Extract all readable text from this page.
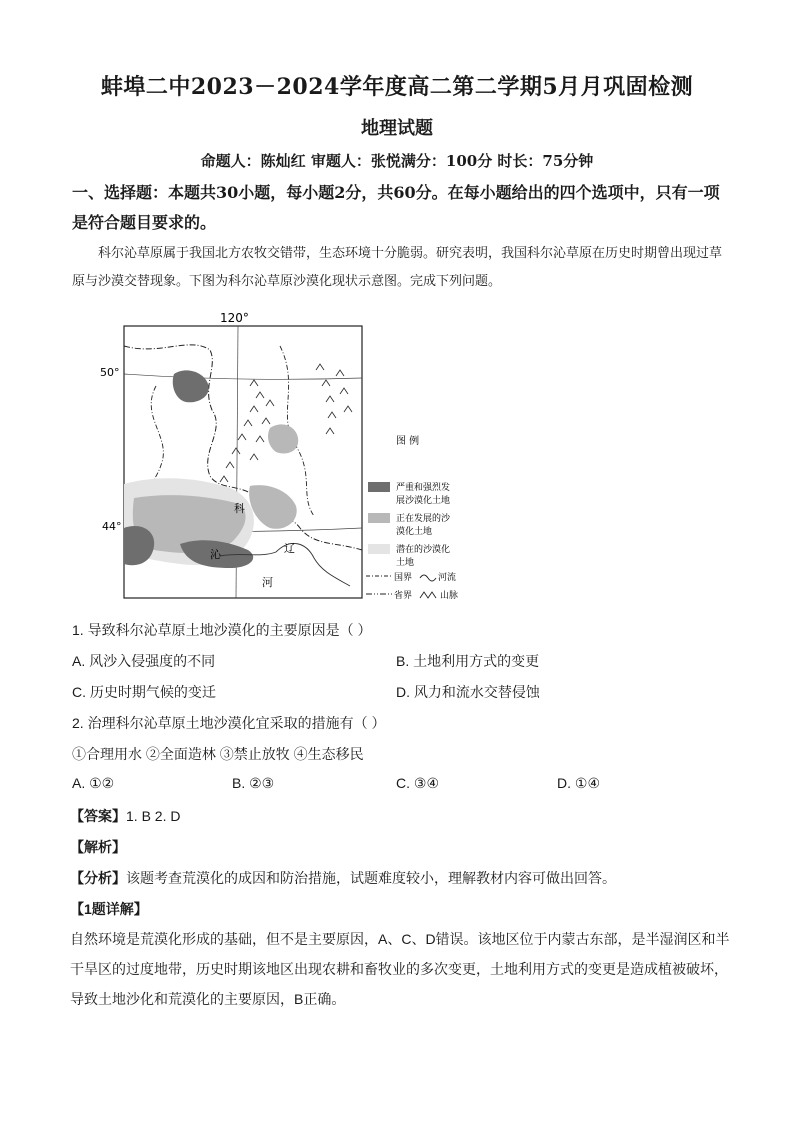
蚌埠二中2023－2024学年度高二第二学期5月月巩固检测
地理试题
命题人：陈灿红 审题人：张悦满分：100分 时长：75分钟
一、选择题：本题共30小题，每小题2分，共60分。在每小题给出的四个选项中，只有一项是符合题目要求的。
科尔沁草原属于我国北方农牧交错带，生态环境十分脆弱。研究表明，我国科尔沁草原在历史时期曾出现过草原与沙漠交替现象。下图为科尔沁草原沙漠化现状示意图。完成下列问题。
120°
50°
44°
科
沁	辽
河
图 例
严重和强烈发
展沙漠化土地
正在发展的沙
漠化土地
潜在的沙漠化
土地
国界	河流
省界	山脉
1. 导致科尔沁草原土地沙漠化的主要原因是（ ）
A. 风沙入侵强度的不同	B. 土地利用方式的变更
C. 历史时期气候的变迁	D. 风力和流水交替侵蚀
2. 治理科尔沁草原土地沙漠化宜采取的措施有（ ）
①合理用水 ②全面造林 ③禁止放牧 ④生态移民
A. ①②	B. ②③	C. ③④	D. ①④
【答案】1. B 2. D
【解析】
【分析】该题考查荒漠化的成因和防治措施，试题难度较小，理解教材内容可做出回答。
【1题详解】
自然环境是荒漠化形成的基础，但不是主要原因，A、C、D错误。该地区位于内蒙古东部，是半湿润区和半干旱区的过度地带，历史时期该地区出现农耕和畜牧业的多次变更，土地利用方式的变更是造成植被破坏，导致土地沙化和荒漠化的主要原因，B正确。
